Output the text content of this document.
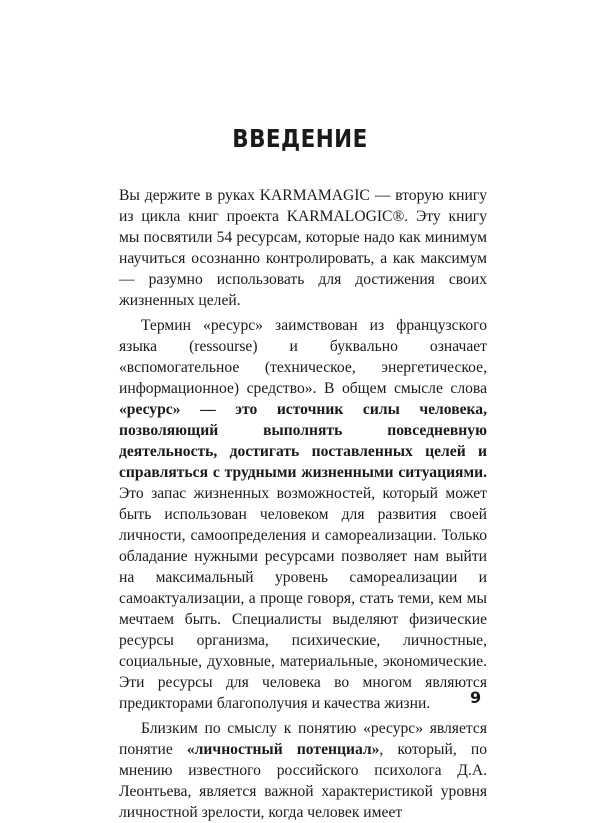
ВВЕДЕНИЕ

Вы держите в руках KARMAMAGIC — вторую книгу из цикла книг проекта KARMALOGIC®. Эту книгу мы посвятили 54 ресурсам, которые надо как минимум научиться осознанно контролировать, а как максимум — разумно использовать для достижения своих жизненных целей.

Термин «ресурс» заимствован из французского языка (ressourse) и буквально означает «вспомогательное (техническое, энергетическое, информационное) средство». В общем смысле слова «ресурс» — это источник силы человека, позволяющий выполнять повседневную деятельность, достигать поставленных целей и справляться с трудными жизненными ситуациями. Это запас жизненных возможностей, который может быть использован человеком для развития своей личности, самоопределения и самореализации. Только обладание нужными ресурсами позволяет нам выйти на максимальный уровень самореализации и самоактуализации, а проще говоря, стать теми, кем мы мечтаем быть. Специалисты выделяют физические ресурсы организма, психические, личностные, социальные, духовные, материальные, экономические. Эти ресурсы для человека во многом являются предикторами благополучия и качества жизни.

Близким по смыслу к понятию «ресурс» является понятие «личностный потенциал», который, по мнению известного российского психолога Д.А. Леонтьева, является важной характеристикой уровня личностной зрелости, когда человек имеет

9
